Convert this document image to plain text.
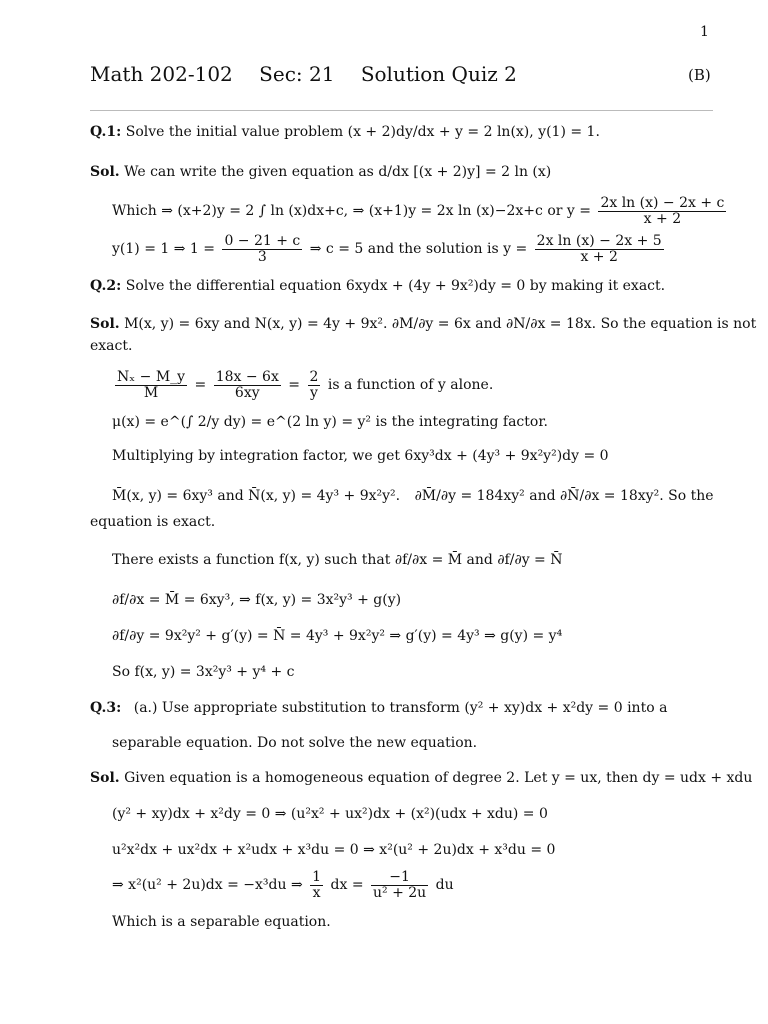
1
Math 202-102 Sec: 21 Solution Quiz 2	(B)
Q.1: Solve the initial value problem (x + 2)dy/dx + y = 2 ln(x), y(1) = 1.
Sol. We can write the given equation as d/dx [(x + 2)y] = 2 ln (x)
Which ⇒ (x+2)y = 2 ∫ ln (x)dx+c, ⇒ (x+1)y = 2x ln (x)−2x+c or $y = \frac{\text{2x ln (x) − 2x + c}}{x + 2}$
y(1) = 1 ⇒ $1 = \frac{0 - 21 + c}{3}$ ⇒ c = 5 and the solution is $y = \frac{\text{2x ln (x) − 2x + 5}}{x + 2}$
Q.2: Solve the differential equation 6xydx + (4y + 9x²)dy = 0 by making it exact.
Sol. M(x, y) = 6xy and N(x, y) = 4y + 9x². ∂M/∂y = 6x and ∂N/∂x = 18x. So the equation is not
exact.
$\frac{\text{Nₓ − M\_y}}{M} = \frac{18x - 6x}{6xy} = \frac{2}{y}$ is a function of y alone.
μ(x) = e^(∫ 2/y dy) = e^(2 ln y) = y² is the integrating factor.
Multiplying by integration factor, we get 6xy³dx + (4y³ + 9x²y²)dy = 0
M̄(x, y) = 6xy³ and N̄(x, y) = 4y³ + 9x²y². ∂M̄/∂y = 184xy² and ∂N̄/∂x = 18xy². So the
equation is exact.
There exists a function f(x, y) such that ∂f/∂x = M̄ and ∂f/∂y = N̄
∂f/∂x = M̄ = 6xy³, ⇒ f(x, y) = 3x²y³ + g(y)
∂f/∂y = 9x²y² + g′(y) = N̄ = 4y³ + 9x²y² ⇒ g′(y) = 4y³ ⇒ g(y) = y⁴
So f(x, y) = 3x²y³ + y⁴ + c
Q.3: (a.) Use appropriate substitution to transform (y² + xy)dx + x²dy = 0 into a
separable equation. Do not solve the new equation.
Sol. Given equation is a homogeneous equation of degree 2. Let y = ux, then dy = udx + xdu
(y² + xy)dx + x²dy = 0 ⇒ (u²x² + ux²)dx + (x²)(udx + xdu) = 0
u²x²dx + ux²dx + x²udx + x³du = 0 ⇒ x²(u² + 2u)dx + x³du = 0
⇒ x²(u² + 2u)dx = −x³du ⇒ $\frac{1}{x}$ dx = $\frac{-1}{\text{u² + 2u}}$ du
Which is a separable equation.
